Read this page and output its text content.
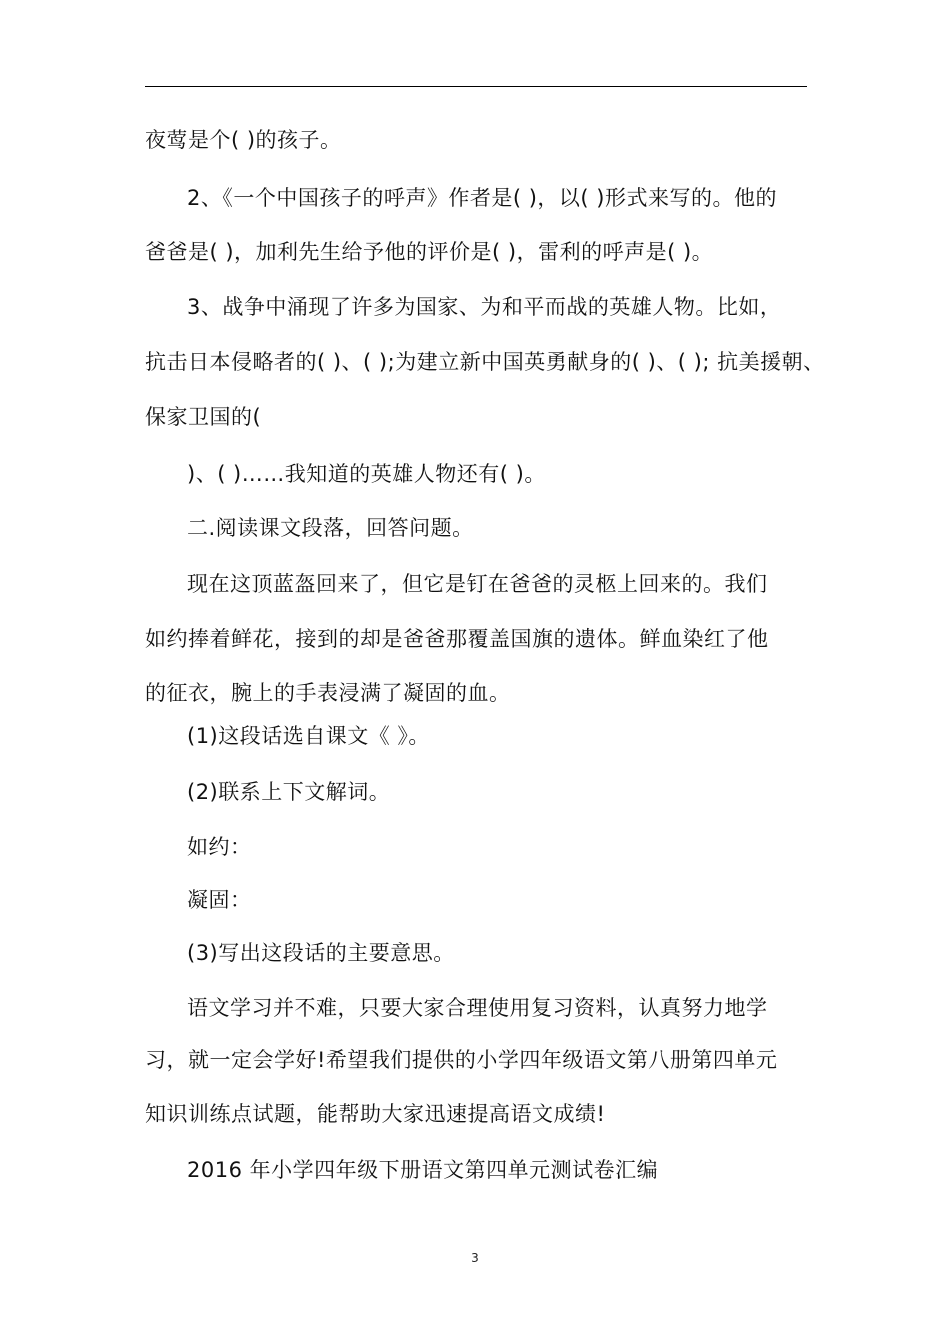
夜莺是个( )的孩子。
2、《一个中国孩子的呼声》作者是( )，以( )形式来写的。他的
爸爸是( )，加利先生给予他的评价是( )，雷利的呼声是( )。
3、战争中涌现了许多为国家、为和平而战的英雄人物。比如，
抗击日本侵略者的( )、( );为建立新中国英勇献身的( )、( ); 抗美援朝、
保家卫国的(
)、( )……我知道的英雄人物还有( )。
二.阅读课文段落，回答问题。
现在这顶蓝盔回来了，但它是钉在爸爸的灵柩上回来的。我们
如约捧着鲜花，接到的却是爸爸那覆盖国旗的遗体。鲜血染红了他
的征衣，腕上的手表浸满了凝固的血。
(1)这段话选自课文《 》。
(2)联系上下文解词。
如约：
凝固：
(3)写出这段话的主要意思。
语文学习并不难，只要大家合理使用复习资料，认真努力地学
习，就一定会学好!希望我们提供的小学四年级语文第八册第四单元
知识训练点试题，能帮助大家迅速提高语文成绩!
2016 年小学四年级下册语文第四单元测试卷汇编
3
